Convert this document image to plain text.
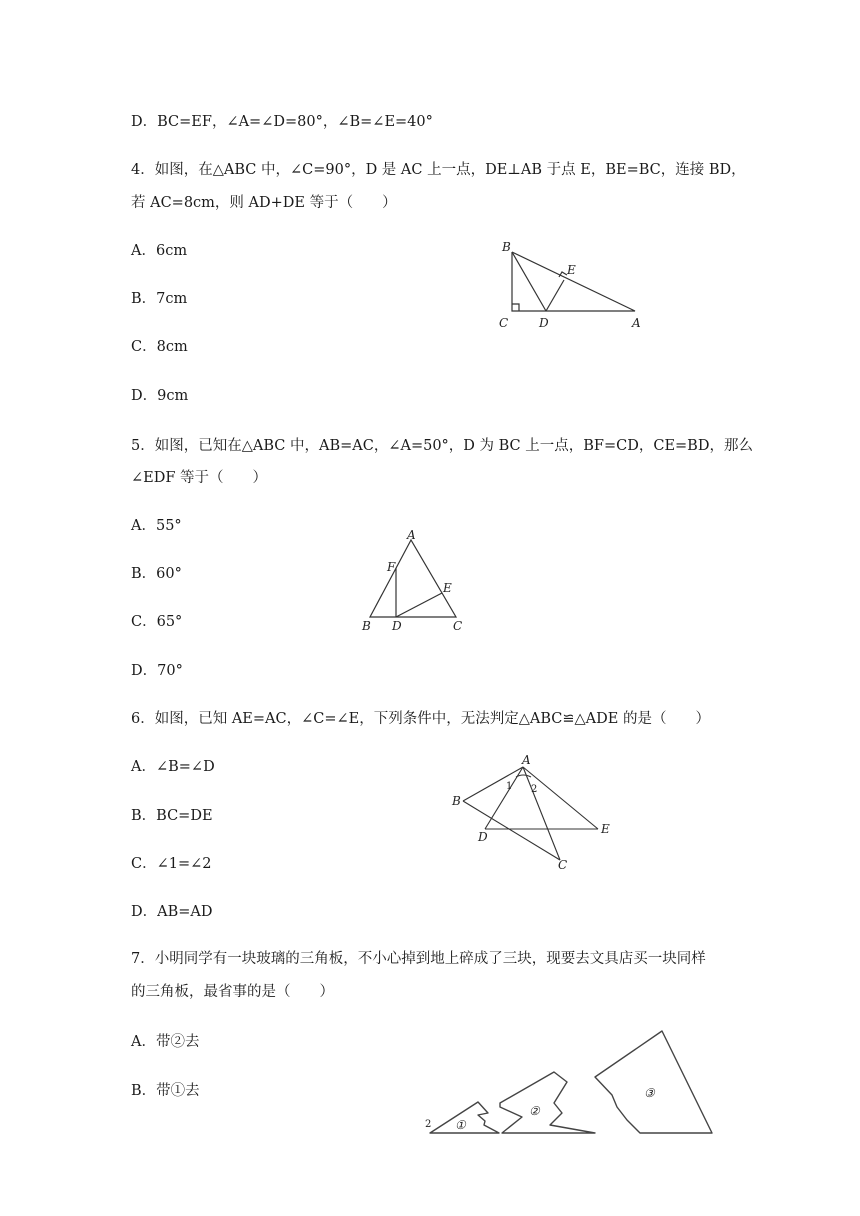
D．BC=EF，∠A=∠D=80°，∠B=∠E=40°
4．如图，在△ABC 中，∠C=90°，D 是 AC 上一点，DE⊥AB 于点 E，BE=BC，连接 BD，
若 AC=8cm，则 AD+DE 等于（　　）
A．6cm
B．7cm
C．8cm
D．9cm
B
E
C	D	A
5．如图，已知在△ABC 中，AB=AC，∠A=50°，D 为 BC 上一点，BF=CD，CE=BD，那么
∠EDF 等于（　　）
A．55°
B．60°
C．65°
D．70°
A
F
E
B D	C
6．如图，已知 AE=AC，∠C=∠E，下列条件中，无法判定△ABC≌△ADE 的是（　　）
A．∠B=∠D
B．BC=DE
C．∠1=∠2
D．AB=AD
A
1 2
B
D
E
C
7．小明同学有一块玻璃的三角板，不小心掉到地上碎成了三块，现要去文具店买一块同样
的三角板，最省事的是（　　）
A．带②去
B．带①去
2 ①
②
③
